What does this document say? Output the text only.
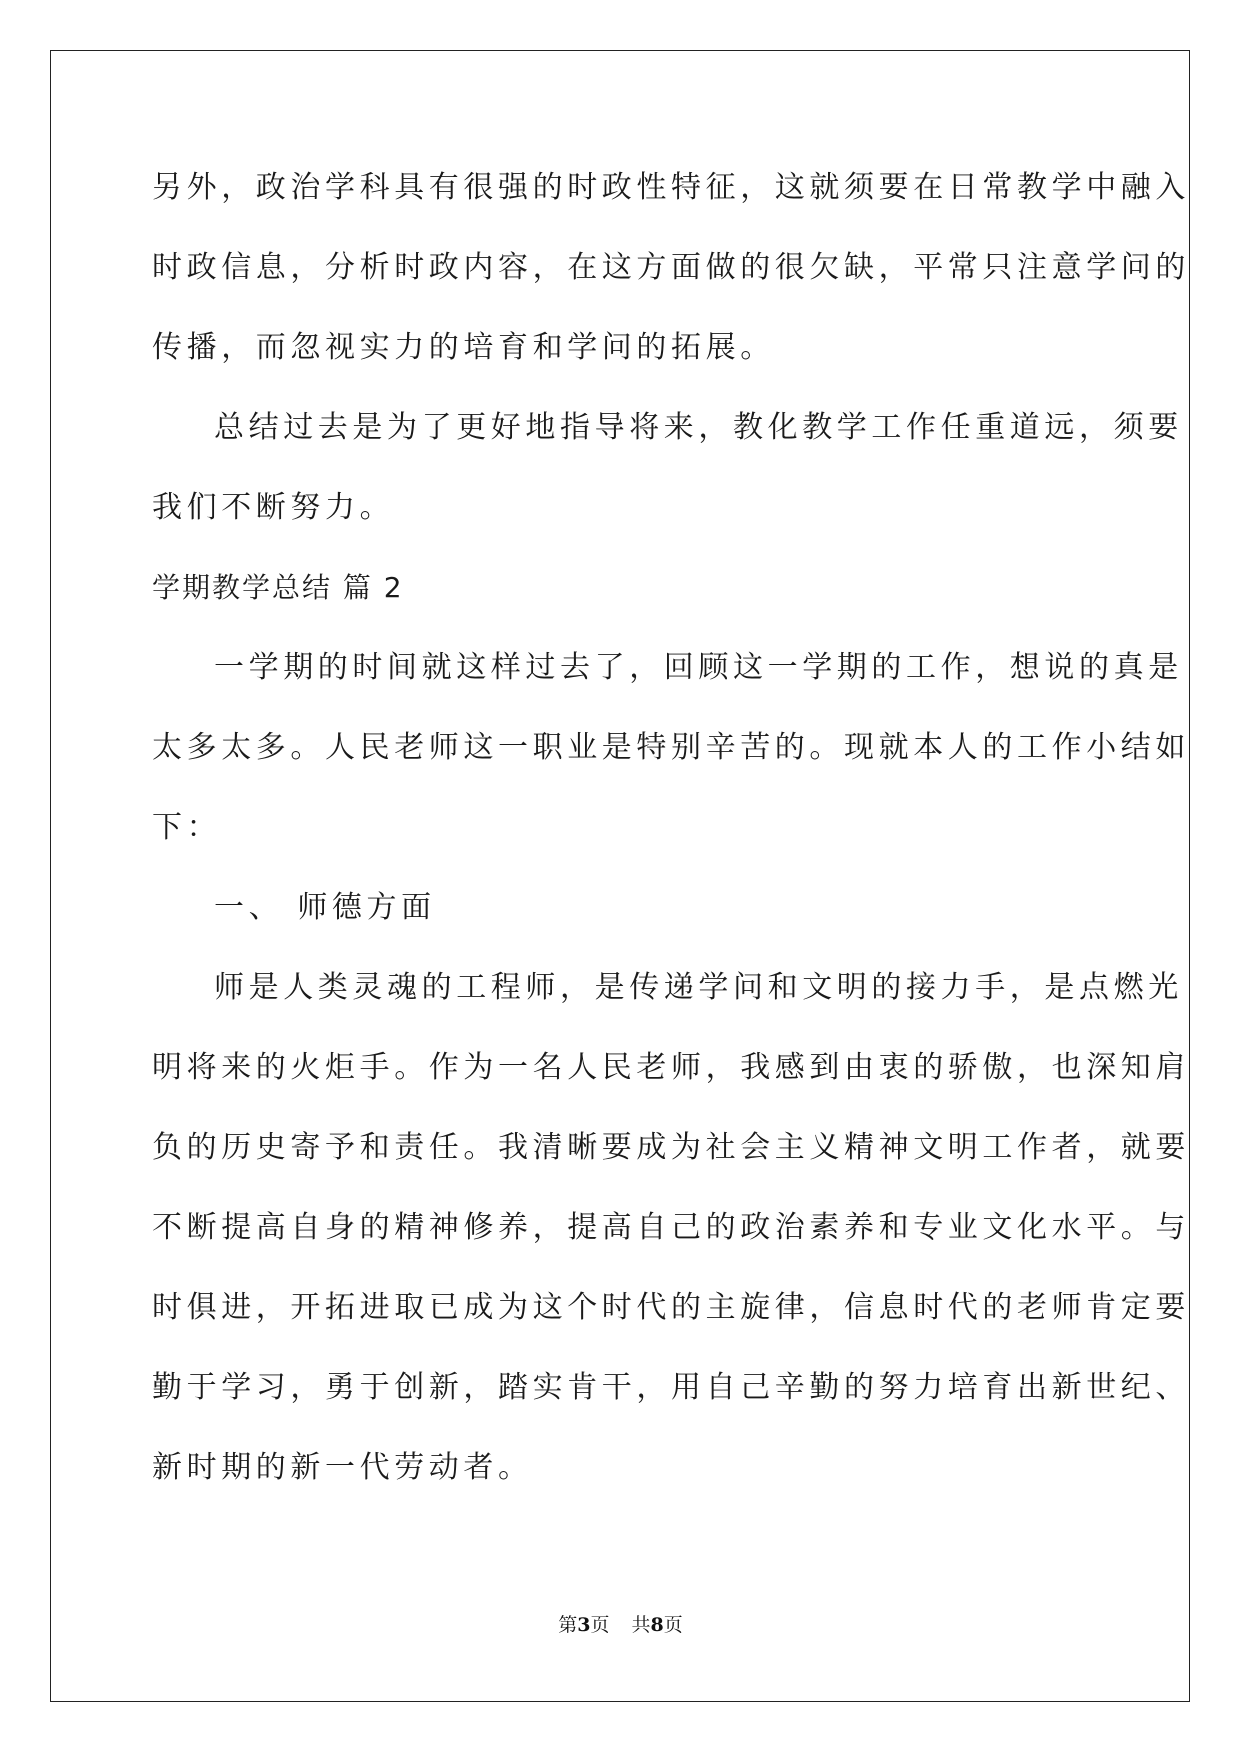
另外，政治学科具有很强的时政性特征，这就须要在日常教学中融入
时政信息，分析时政内容，在这方面做的很欠缺，平常只注意学问的
传播，而忽视实力的培育和学问的拓展。
总结过去是为了更好地指导将来，教化教学工作任重道远，须要
我们不断努力。
学期教学总结 篇 2
一学期的时间就这样过去了，回顾这一学期的工作，想说的真是
太多太多。人民老师这一职业是特别辛苦的。现就本人的工作小结如
下：
一、 师德方面
师是人类灵魂的工程师，是传递学问和文明的接力手，是点燃光
明将来的火炬手。作为一名人民老师，我感到由衷的骄傲，也深知肩
负的历史寄予和责任。我清晰要成为社会主义精神文明工作者，就要
不断提高自身的精神修养，提高自己的政治素养和专业文化水平。与
时俱进，开拓进取已成为这个时代的主旋律，信息时代的老师肯定要
勤于学习，勇于创新，踏实肯干，用自己辛勤的努力培育出新世纪、
新时期的新一代劳动者。
第3页 共8页
